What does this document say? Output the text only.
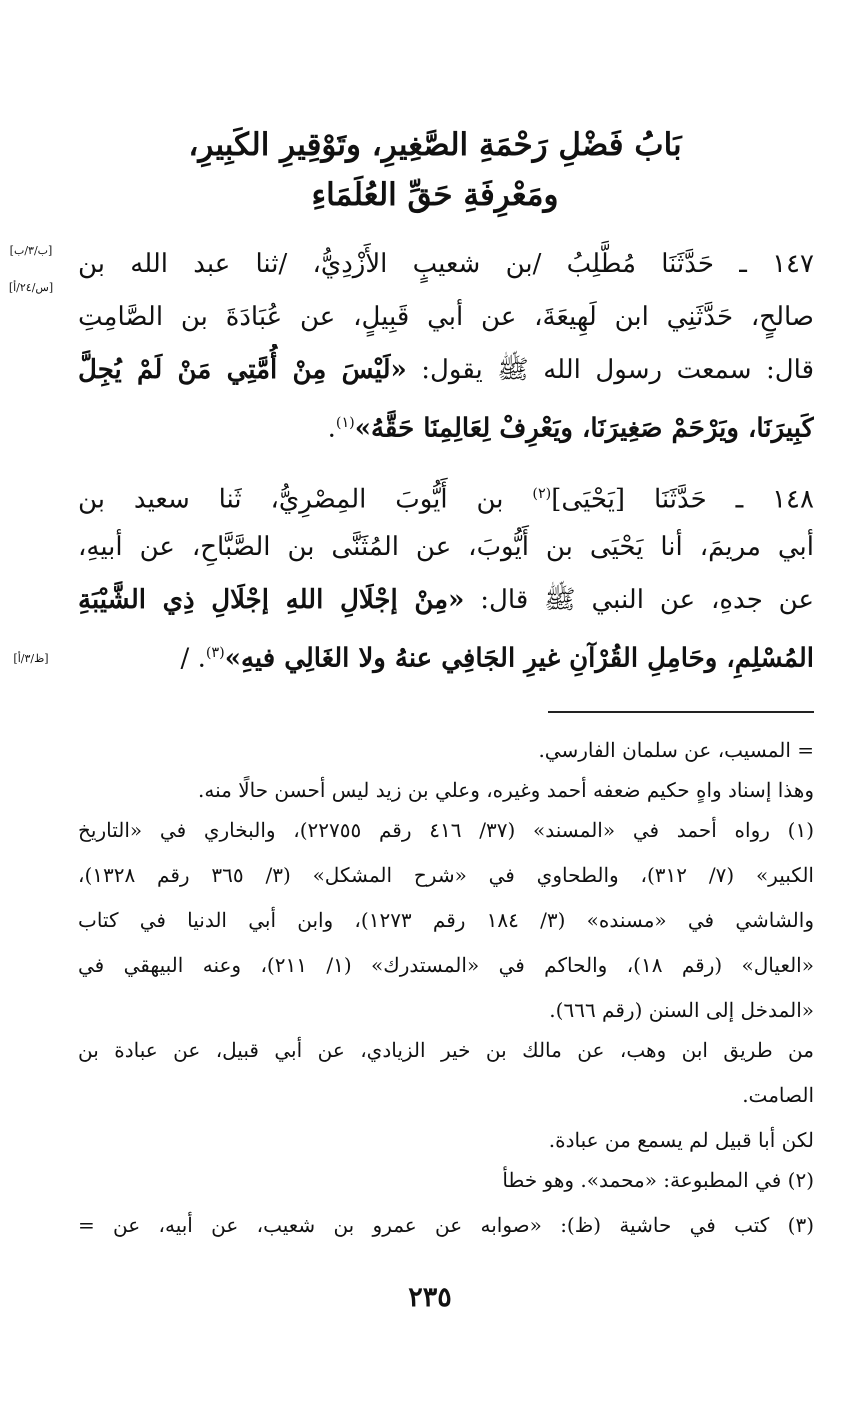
بَابُ فَضْلِ رَحْمَةِ الصَّغِيرِ، وتَوْقِيرِ الكَبِيرِ،
ومَعْرِفَةِ حَقِّ العُلَمَاءِ
[ب/٣/ب]
[س/٢٤/أ]
[ظ/٣/أ]
١٤٧ ـ حَدَّثَنَا مُطَّلِبُ /بن شعيبٍ الأَزْدِيُّ، /ثنا عبد الله بن
صالحٍ، حَدَّثَنِي ابن لَهِيعَةَ، عن أبي قَبِيلٍ، عن عُبَادَةَ بن الصَّامِتِ
قال: سمعت رسول الله ﷺ يقول: «لَيْسَ مِنْ أُمَّتِي مَنْ لَمْ يُجِلَّ
كَبِيرَنَا، ويَرْحَمْ صَغِيرَنَا، ويَعْرِفْ لِعَالِمِنَا حَقَّهُ»$^{(١)}$.
١٤٨ ـ حَدَّثَنَا [يَحْيَى]$^{(٢)}$ بن أَيُّوبَ المِصْرِيُّ، ثَنا سعيد بن
أبي مريمَ، أنا يَحْيَى بن أَيُّوبَ، عن المُثَنَّى بن الصَّبَّاحِ، عن أبيهِ،
عن جدهِ، عن النبي ﷺ قال: «مِنْ إجْلَالِ اللهِ إجْلَالِ ذِي الشَّيْبَةِ
المُسْلِمِ، وحَامِلِ القُرْآنِ غيرِ الجَافِي عنهُ ولا الغَالِي فيهِ»$^{(٣)}$. /
= المسيب، عن سلمان الفارسي.
وهذا إسناد واهٍ حكيم ضعفه أحمد وغيره، وعلي بن زيد ليس أحسن حالًا منه.
(١) رواه أحمد في «المسند» (٣٧/ ٤١٦ رقم ٢٢٧٥٥)، والبخاري في «التاريخ
الكبير» (٧/ ٣١٢)، والطحاوي في «شرح المشكل» (٣/ ٣٦٥ رقم ١٣٢٨)،
والشاشي في «مسنده» (٣/ ١٨٤ رقم ١٢٧٣)، وابن أبي الدنيا في كتاب
«العيال» (رقم ١٨)، والحاكم في «المستدرك» (١/ ٢١١)، وعنه البيهقي في
«المدخل إلى السنن (رقم ٦٦٦).
من طريق ابن وهب، عن مالك بن خير الزيادي، عن أبي قبيل، عن عبادة بن
الصامت.
لكن أبا قبيل لم يسمع من عبادة.
(٢) في المطبوعة: «محمد». وهو خطأ
(٣) كتب في حاشية (ظ): «صوابه عن عمرو بن شعيب، عن أبيه، عن =
٢٣٥
